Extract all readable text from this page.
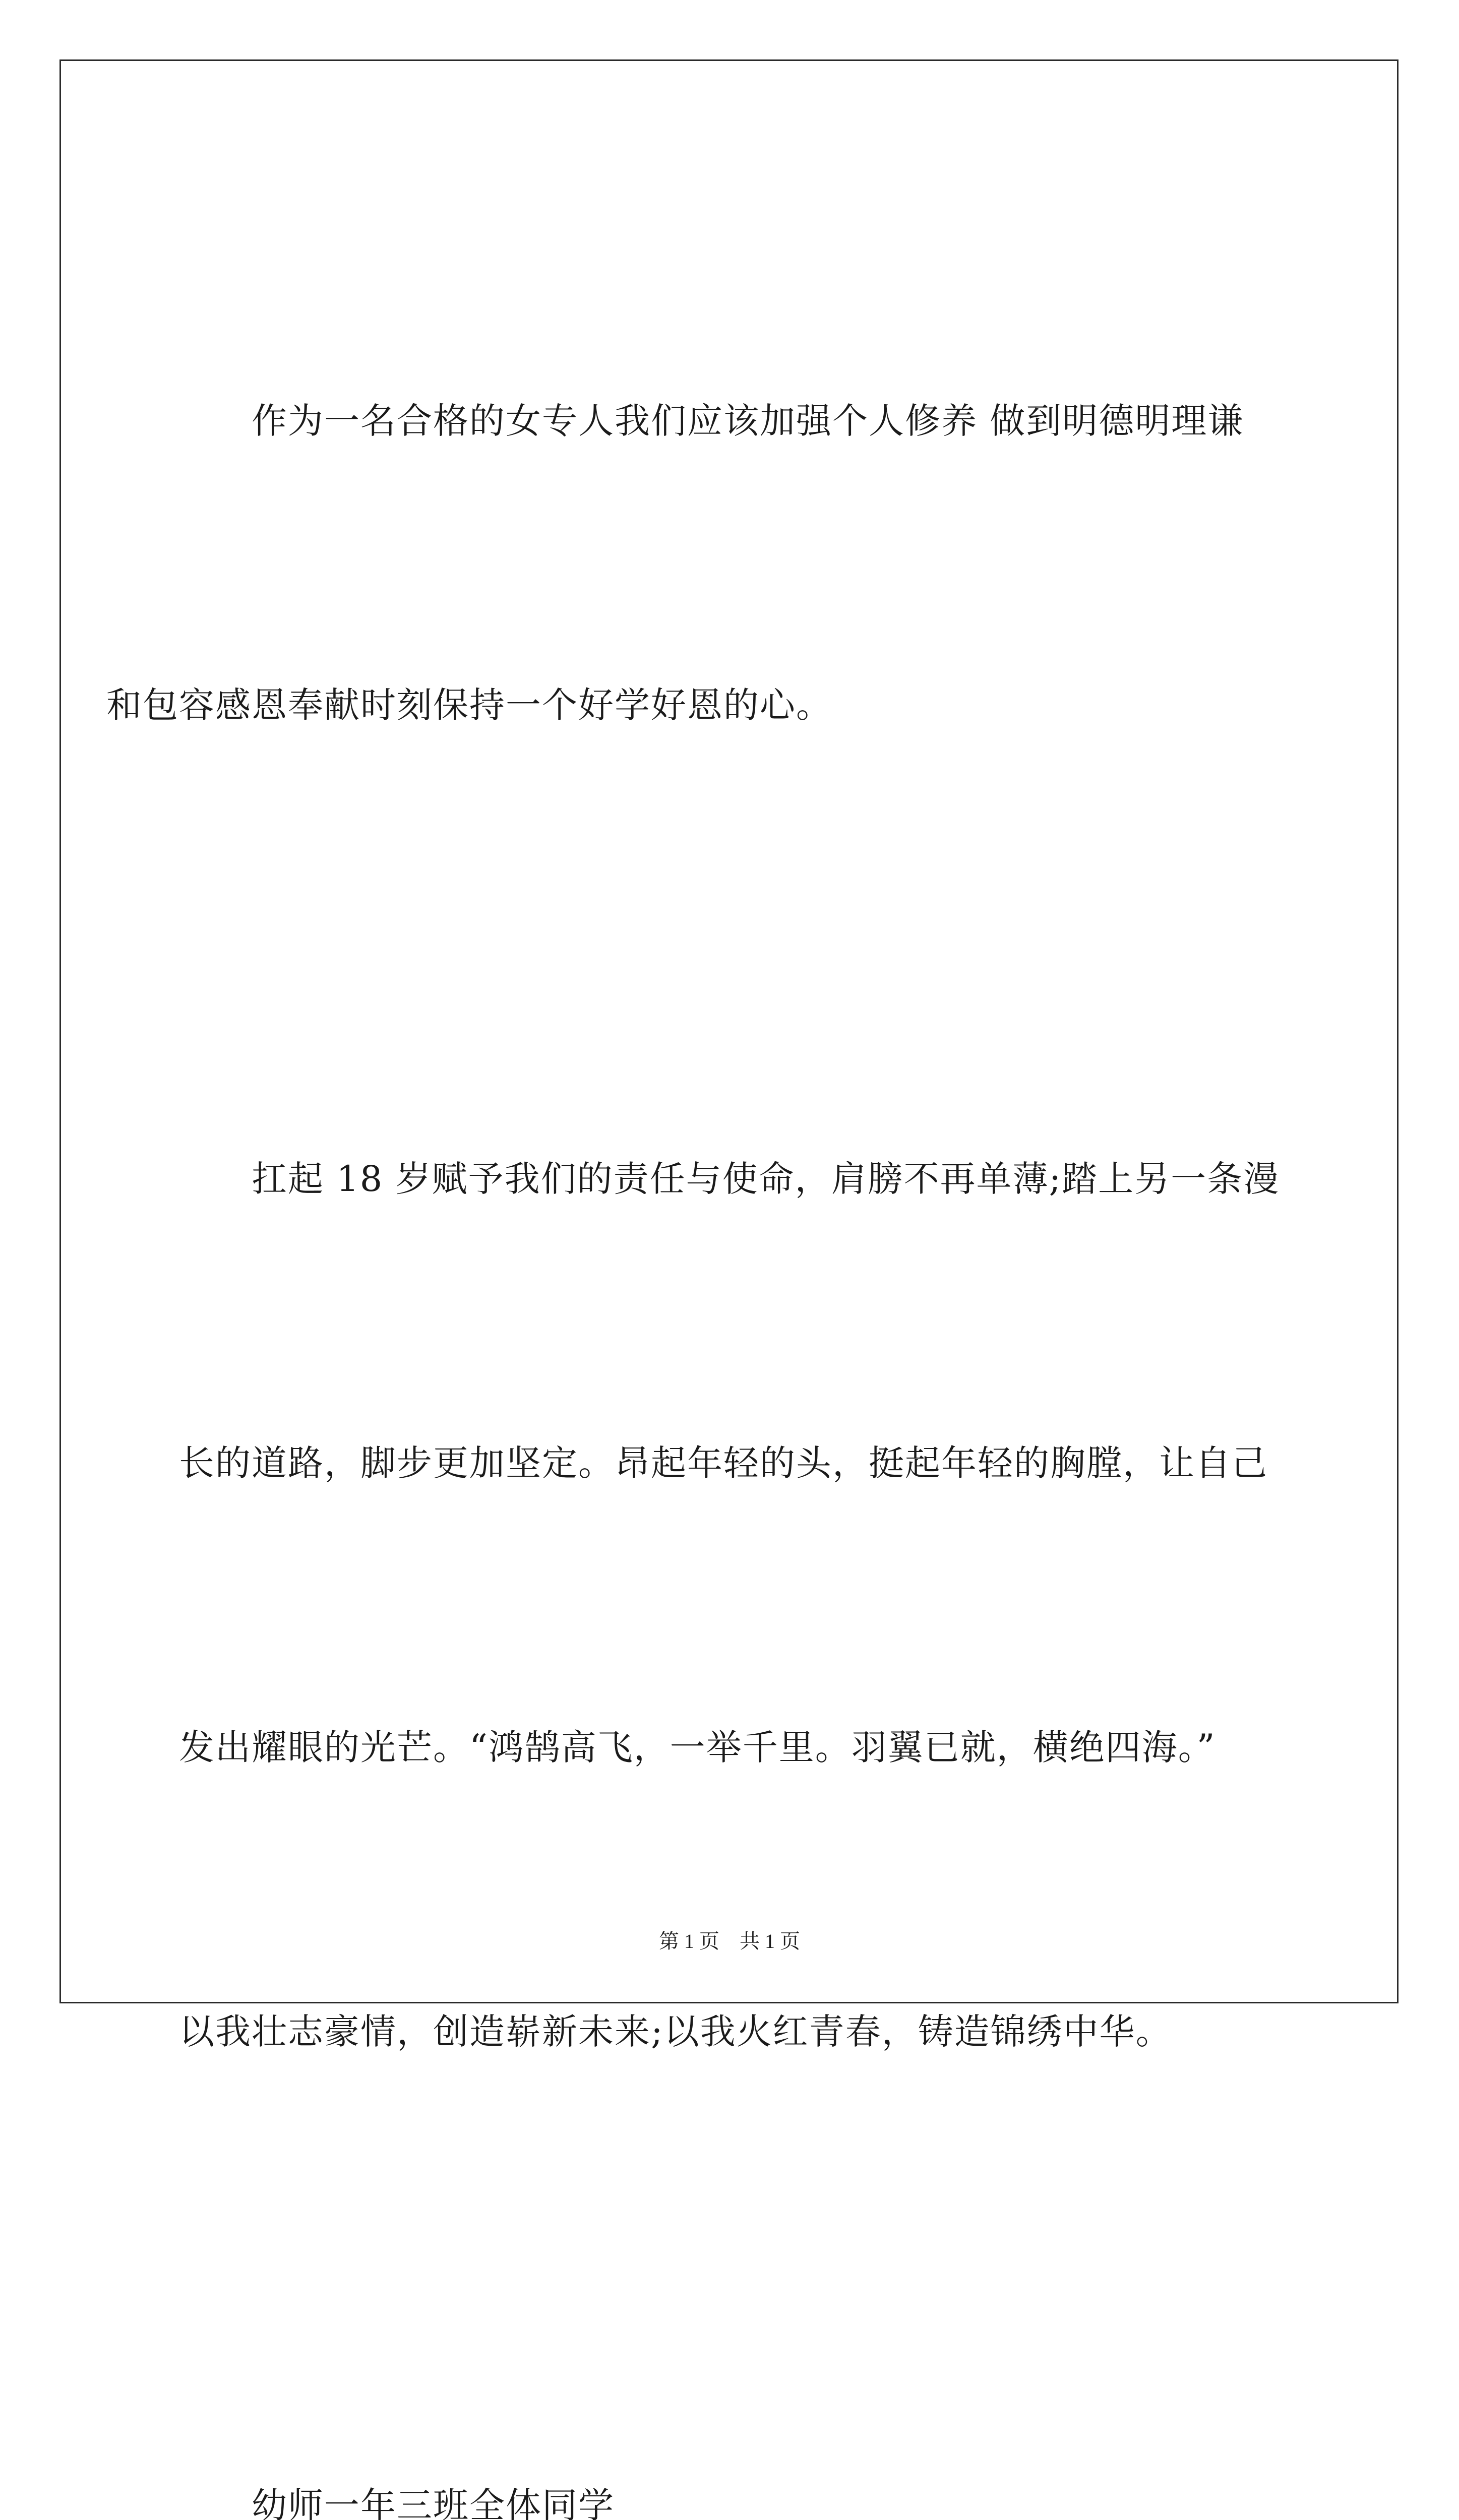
作为一名合格的女专人我们应该加强个人修养 做到明德明理谦

和包容感恩奉献时刻保持一个好学好恩的心。

扛起 18 岁赋予我们的责任与使命，肩膀不再单薄;踏上另一条漫

长的道路，脚步更加坚定。昂起年轻的头，挺起年轻的胸膛，让自己

发出耀眼的光芒。“鸿鹄高飞，一举千里。羽翼已就，横绝四海。”

以我壮志豪情，创造崭新未来;以我火红青春，铸造锦绣中华。

幼师一年三班全体同学

第 1 页　共 1 页
